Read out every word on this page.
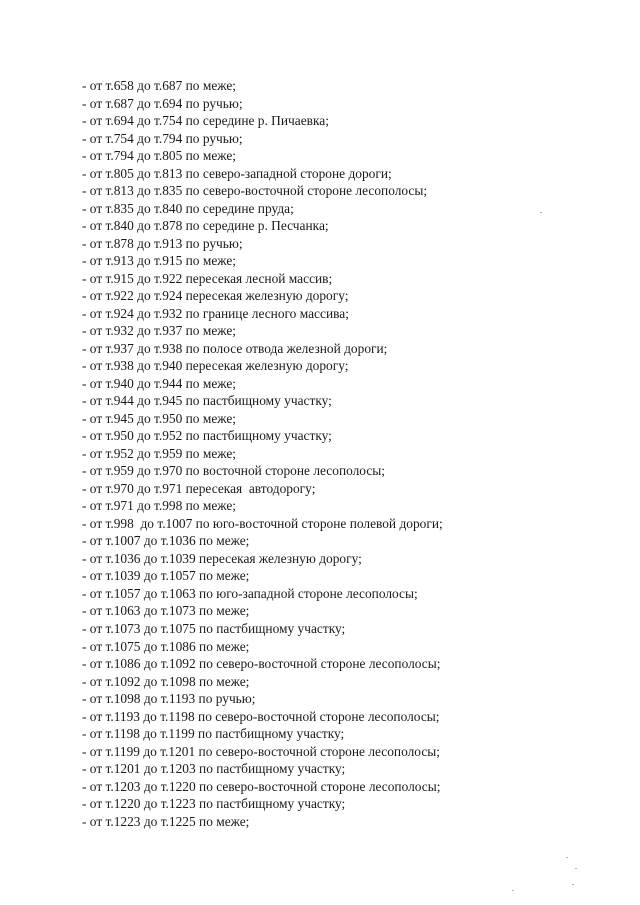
- от т.658 до т.687 по меже;
- от т.687 до т.694 по ручью;
- от т.694 до т.754 по середине р. Пичаевка;
- от т.754 до т.794 по ручью;
- от т.794 до т.805 по меже;
- от т.805 до т.813 по северо-западной стороне дороги;
- от т.813 до т.835 по северо-восточной стороне лесополосы;
- от т.835 до т.840 по середине пруда;
- от т.840 до т.878 по середине р. Песчанка;
- от т.878 до т.913 по ручью;
- от т.913 до т.915 по меже;
- от т.915 до т.922 пересекая лесной массив;
- от т.922 до т.924 пересекая железную дорогу;
- от т.924 до т.932 по границе лесного массива;
- от т.932 до т.937 по меже;
- от т.937 до т.938 по полосе отвода железной дороги;
- от т.938 до т.940 пересекая железную дорогу;
- от т.940 до т.944 по меже;
- от т.944 до т.945 по пастбищному участку;
- от т.945 до т.950 по меже;
- от т.950 до т.952 по пастбищному участку;
- от т.952 до т.959 по меже;
- от т.959 до т.970 по восточной стороне лесополосы;
- от т.970 до т.971 пересекая  автодорогу;
- от т.971 до т.998 по меже;
- от т.998  до т.1007 по юго-восточной стороне полевой дороги;
- от т.1007 до т.1036 по меже;
- от т.1036 до т.1039 пересекая железную дорогу;
- от т.1039 до т.1057 по меже;
- от т.1057 до т.1063 по юго-западной стороне лесополосы;
- от т.1063 до т.1073 по меже;
- от т.1073 до т.1075 по пастбищному участку;
- от т.1075 до т.1086 по меже;
- от т.1086 до т.1092 по северо-восточной стороне лесополосы;
- от т.1092 до т.1098 по меже;
- от т.1098 до т.1193 по ручью;
- от т.1193 до т.1198 по северо-восточной стороне лесополосы;
- от т.1198 до т.1199 по пастбищному участку;
- от т.1199 до т.1201 по северо-восточной стороне лесополосы;
- от т.1201 до т.1203 по пастбищному участку;
- от т.1203 до т.1220 по северо-восточной стороне лесополосы;
- от т.1220 до т.1223 по пастбищному участку;
- от т.1223 до т.1225 по меже;
